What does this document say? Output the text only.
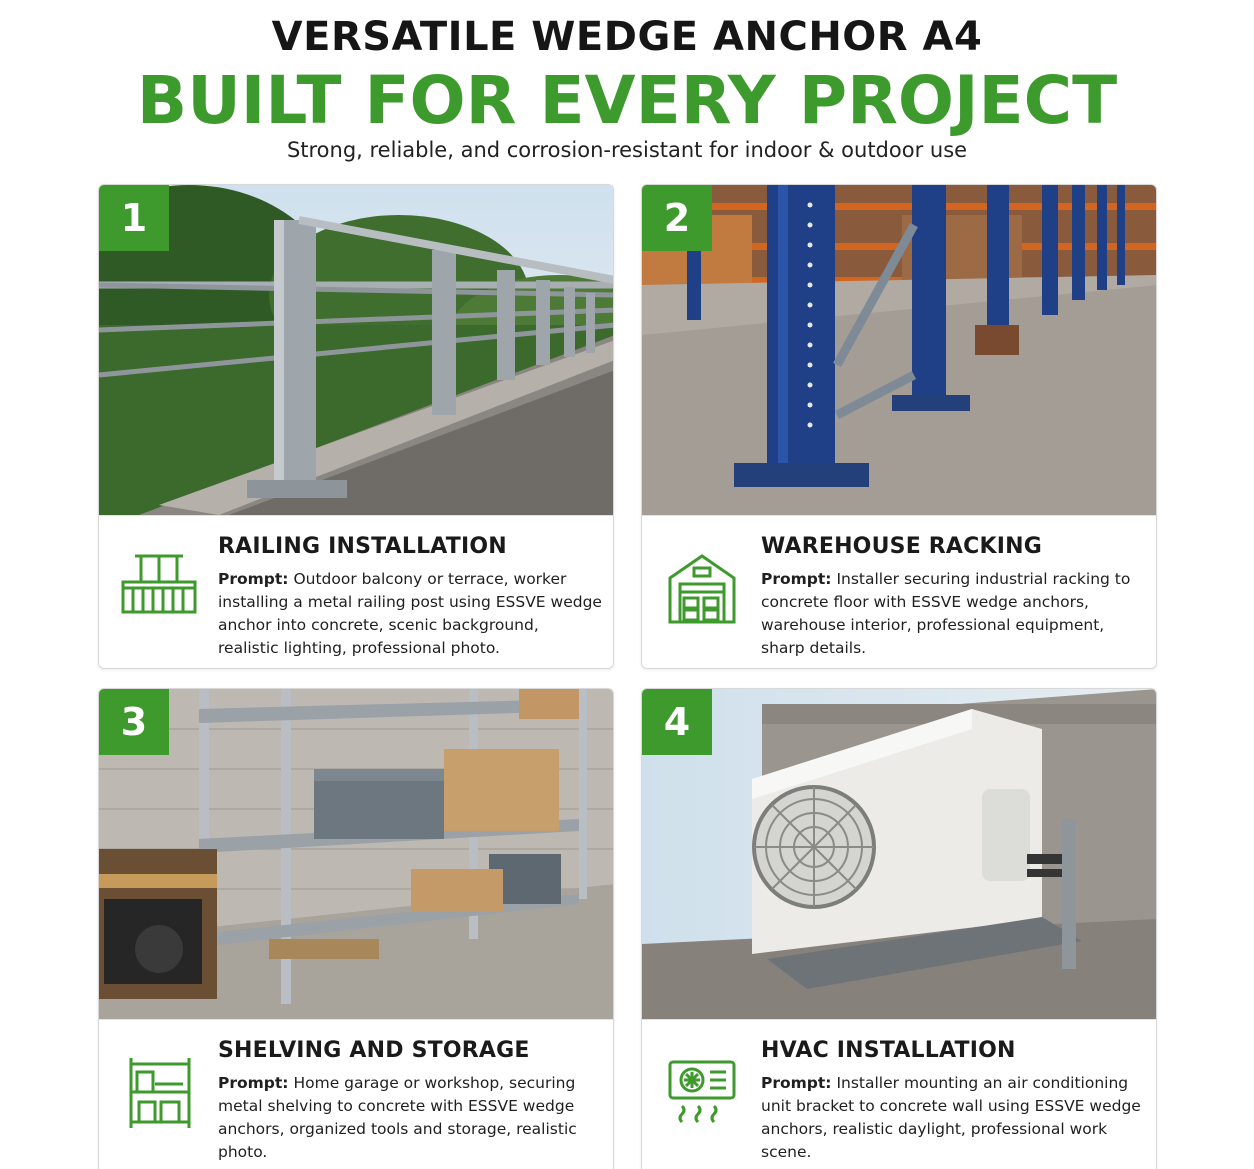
VERSATILE WEDGE ANCHOR A4
BUILT FOR EVERY PROJECT
Strong, reliable, and corrosion-resistant for indoor & outdoor use
1
RAILING INSTALLATION
Prompt: Outdoor balcony or terrace, worker installing a metal railing post using ESSVE wedge anchor into concrete, scenic background, realistic lighting, professional photo.
2
WAREHOUSE RACKING
Prompt: Installer securing industrial racking to concrete floor with ESSVE wedge anchors, warehouse interior, professional equipment, sharp details.
3
SHELVING AND STORAGE
Prompt: Home garage or workshop, securing metal shelving to concrete with ESSVE wedge anchors, organized tools and storage, realistic photo.
4
HVAC INSTALLATION
Prompt: Installer mounting an air conditioning unit bracket to concrete wall using ESSVE wedge anchors, realistic daylight, professional work scene.
